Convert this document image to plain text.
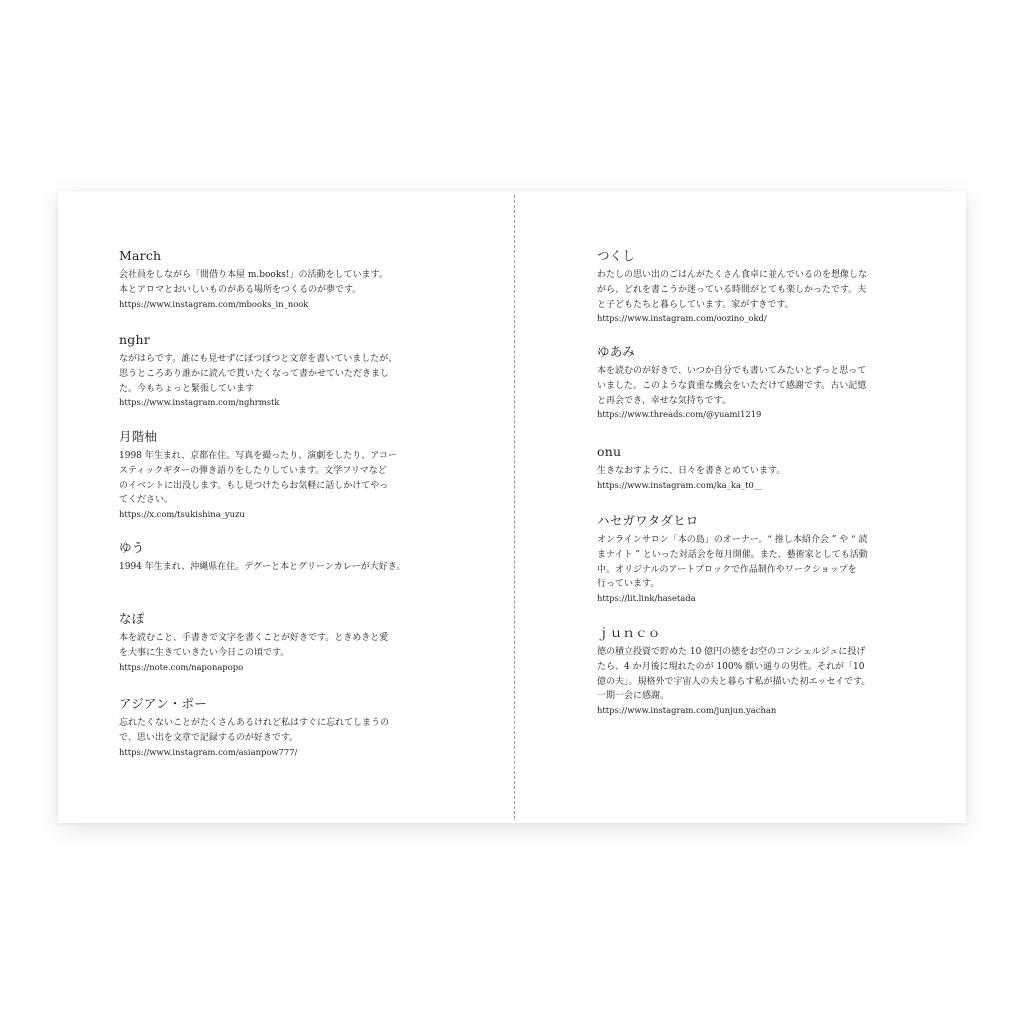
March

会社員をしながら「間借り本屋 m.books!」の活動をしています。

本とアロマとおいしいものがある場所をつくるのが夢です。

https://www.instagram.com/mbooks_in_nook

nghr

ながはらです。誰にも見せずにぽつぽつと文章を書いていましたが、

思うところあり誰かに読んで貰いたくなって書かせていただきまし

た。今もちょっと緊張しています

https://www.instagram.com/nghrmstk

月階柚

1998 年生まれ、京都在住。写真を撮ったり、演劇をしたり、アコー

スティックギターの弾き語りをしたりしています。文学フリマなど

のイベントに出没します。もし見つけたらお気軽に話しかけてやっ

てください。

https://x.com/tsukishina_yuzu

ゆう

1994 年生まれ、沖縄県在住。デグーと本とグリーンカレーが大好き。

なぽ

本を読むこと、手書きで文字を書くことが好きです。ときめきと愛

を大事に生きていきたい今日この頃です。

https://note.com/naponapopo

アジアン・ポー

忘れたくないことがたくさんあるけれど私はすぐに忘れてしまうの

で、思い出を文章で記録するのが好きです。

https://www.instagram.com/asianpow777/

つくし

わたしの思い出のごはんがたくさん食卓に並んでいるのを想像しな

がら、どれを書こうか迷っている時間がとても楽しかったです。夫

と子どもたちと暮らしています。家がすきです。

https://www.instagram.com/oozino_okd/

ゆあみ

本を読むのが好きで、いつか自分でも書いてみたいとずっと思って

いました。このような貴重な機会をいただけて感謝です。古い記憶

と再会でき、幸せな気持ちです。

https://www.threads.com/@yuami1219

onu

生きなおすように、日々を書きとめています。

https://www.instagram.com/ka_ka_t0__

ハセガワタダヒロ

オンラインサロン「本の島」のオーナー。“ 推し本紹介会 ” や “ 読

まナイト ” といった対話会を毎月開催。また、藝術家としても活動

中。オリジナルのアートブロックで作品制作やワークショップを

行っています。

https://lit.link/hasetada

ｊｕｎｃｏ

徳の積立投資で貯めた 10 億円の徳をお空のコンシェルジュに投げ

たら、4 か月後に現れたのが 100% 願い通りの男性。それが「10

億の夫」。規格外で宇宙人の夫と暮らす私が描いた初エッセイです。

一期一会に感謝。

https://www.instagram.com/junjun.yachan
